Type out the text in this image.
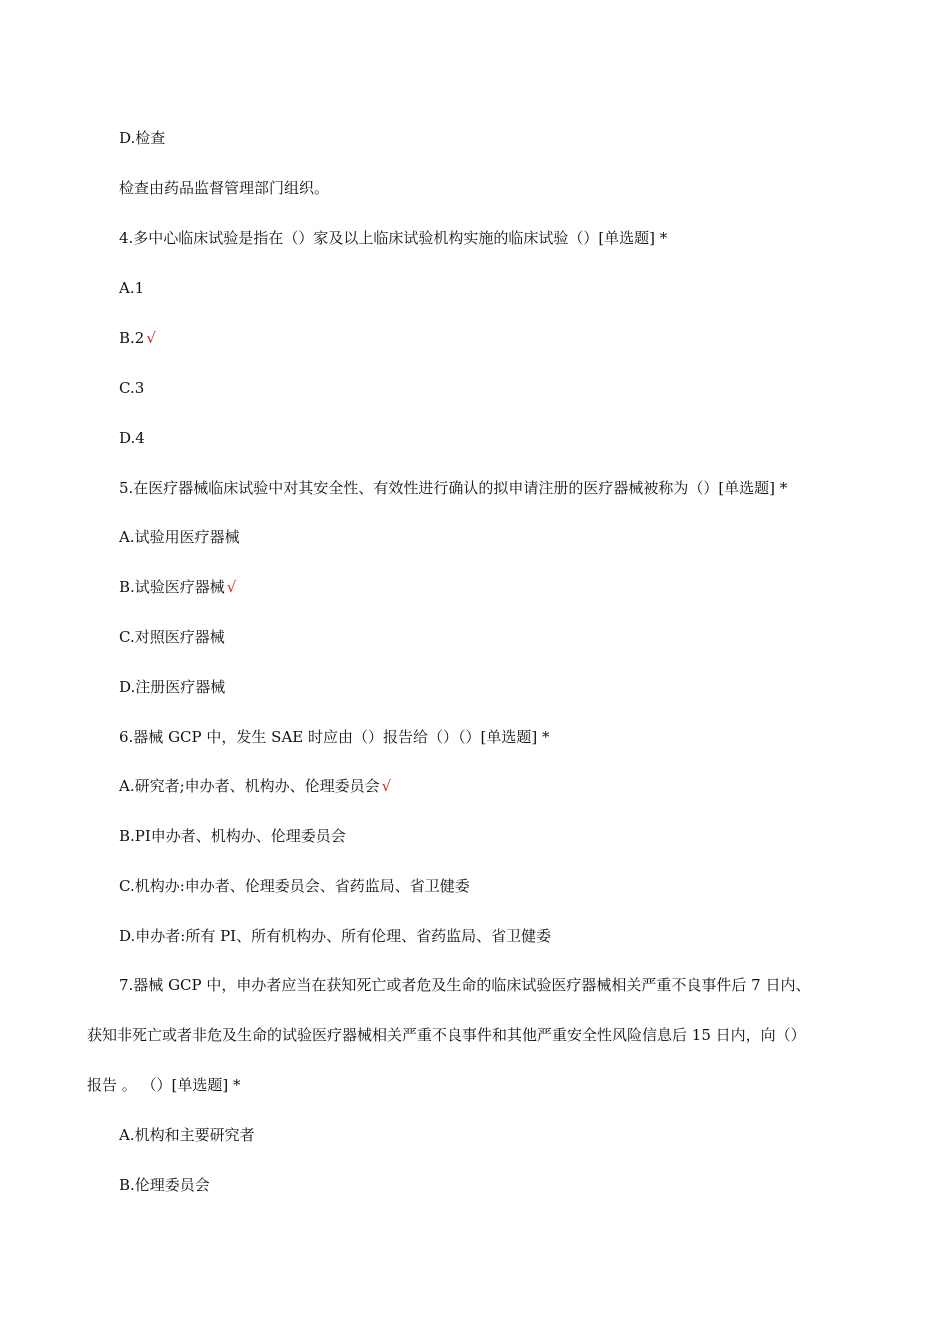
D.检查
检查由药品监督管理部门组织。
4.多中心临床试验是指在（）家及以上临床试验机构实施的临床试验（）[单选题] *
A.1
B.2 √
C.3
D.4
5.在医疗器械临床试验中对其安全性、有效性进行确认的拟申请注册的医疗器械被称为（）[单选题] *
A.试验用医疗器械
B.试验医疗器械 √
C.对照医疗器械
D.注册医疗器械
6.器械 GCP 中，发生 SAE 时应由（）报告给（）（）[单选题] *
A.研究者;申办者、机构办、伦理委员会 √
B.PI申办者、机构办、伦理委员会
C.机构办:申办者、伦理委员会、省药监局、省卫健委
D.申办者:所有 PI、所有机构办、所有伦理、省药监局、省卫健委
7.器械 GCP 中，申办者应当在获知死亡或者危及生命的临床试验医疗器械相关严重不良事件后 7 日内、
获知非死亡或者非危及生命的试验医疗器械相关严重不良事件和其他严重安全性风险信息后 15 日内，向（）
报告 。 （）[单选题] *
A.机构和主要研究者
B.伦理委员会
